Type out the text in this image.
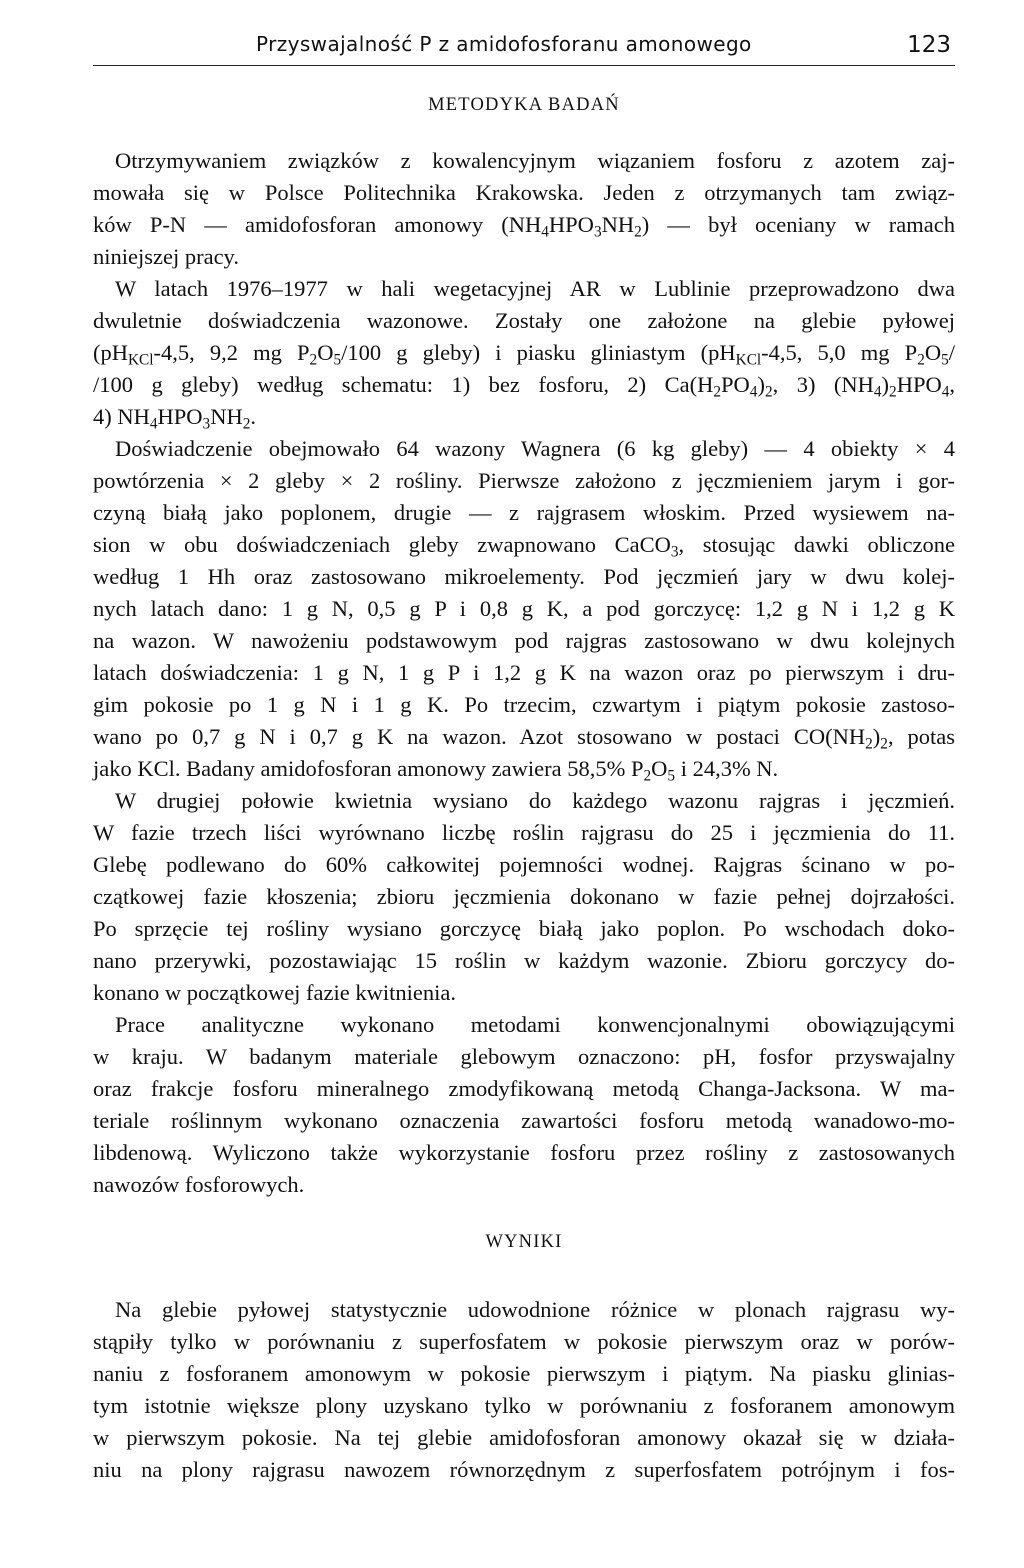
Przyswajalność P z amidofosforanu amonowego	123
METODYKA BADAŃ
Otrzymywaniem związków z kowalencyjnym wiązaniem fosforu z azotem zaj-
mowała się w Polsce Politechnika Krakowska. Jeden z otrzymanych tam związ-
ków P-N — amidofosforan amonowy $(NH_4HPO_3NH_2)$ — był oceniany w ramach
niniejszej pracy.
W latach 1976–1977 w hali wegetacyjnej AR w Lublinie przeprowadzono dwa
dwuletnie doświadczenia wazonowe. Zostały one założone na glebie pyłowej
($pH_{KCl}-4,5$, 9,2 mg $P_2O_5/100$ g gleby) i piasku gliniastym ($pH_{KCl}-4,5$, 5,0 mg $P_2O_5/$
/100 g gleby) według schematu: 1) bez fosforu, 2) $Ca(H_2PO_4)_2$, 3) $(NH_4)_2HPO_4$,
4) $NH_4HPO_3NH_2$.
Doświadczenie obejmowało 64 wazony Wagnera (6 kg gleby) — 4 obiekty × 4
powtórzenia × 2 gleby × 2 rośliny. Pierwsze założono z jęczmieniem jarym i gor-
czyną białą jako poplonem, drugie — z rajgrasem włoskim. Przed wysiewem na-
sion w obu doświadczeniach gleby zwapnowano CaCO$_3$, stosując dawki obliczone
według 1 Hh oraz zastosowano mikroelementy. Pod jęczmień jary w dwu kolej-
nych latach dano: 1 g N, 0,5 g P i 0,8 g K, a pod gorczycę: 1,2 g N i 1,2 g K
na wazon. W nawożeniu podstawowym pod rajgras zastosowano w dwu kolejnych
latach doświadczenia: 1 g N, 1 g P i 1,2 g K na wazon oraz po pierwszym i dru-
gim pokosie po 1 g N i 1 g K. Po trzecim, czwartym i piątym pokosie zastoso-
wano po 0,7 g N i 0,7 g K na wazon. Azot stosowano w postaci $CO(NH_2)_2$, potas
jako KCl. Badany amidofosforan amonowy zawiera 58,5% $P_2O_5$ i 24,3% N.
W drugiej połowie kwietnia wysiano do każdego wazonu rajgras i jęczmień.
W fazie trzech liści wyrównano liczbę roślin rajgrasu do 25 i jęczmienia do 11.
Glebę podlewano do 60% całkowitej pojemności wodnej. Rajgras ścinano w po-
czątkowej fazie kłoszenia; zbioru jęczmienia dokonano w fazie pełnej dojrzałości.
Po sprzęcie tej rośliny wysiano gorczycę białą jako poplon. Po wschodach doko-
nano przerywki, pozostawiając 15 roślin w każdym wazonie. Zbioru gorczycy do-
konano w początkowej fazie kwitnienia.
Prace analityczne wykonano metodami konwencjonalnymi obowiązującymi
w kraju. W badanym materiale glebowym oznaczono: pH, fosfor przyswajalny
oraz frakcje fosforu mineralnego zmodyfikowaną metodą Changa-Jacksona. W ma-
teriale roślinnym wykonano oznaczenia zawartości fosforu metodą wanadowo-mo-
libdenową. Wyliczono także wykorzystanie fosforu przez rośliny z zastosowanych
nawozów fosforowych.
WYNIKI
Na glebie pyłowej statystycznie udowodnione różnice w plonach rajgrasu wy-
stąpiły tylko w porównaniu z superfosfatem w pokosie pierwszym oraz w porów-
naniu z fosforanem amonowym w pokosie pierwszym i piątym. Na piasku glinias-
tym istotnie większe plony uzyskano tylko w porównaniu z fosforanem amonowym
w pierwszym pokosie. Na tej glebie amidofosforan amonowy okazał się w działa-
niu na plony rajgrasu nawozem równorzędnym z superfosfatem potrójnym i fos-
